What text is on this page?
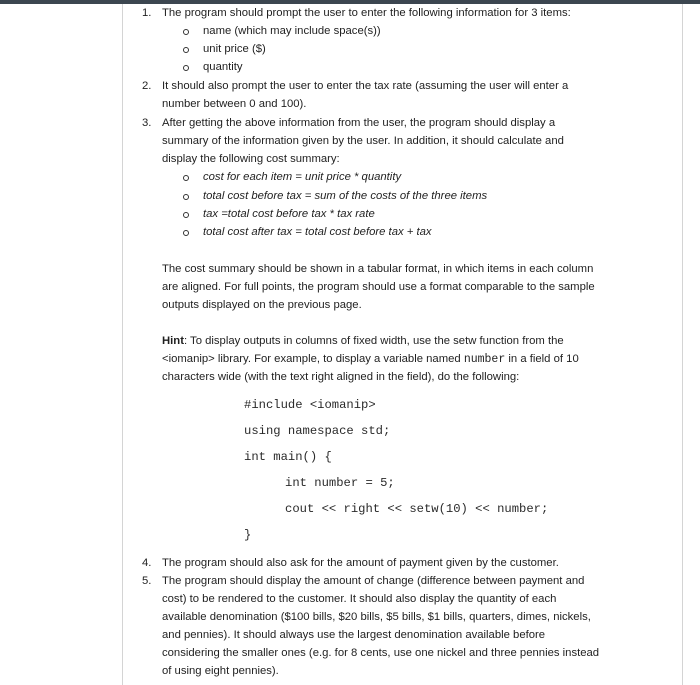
1. The program should prompt the user to enter the following information for 3 items:
name (which may include space(s))
unit price ($)
quantity
2. It should also prompt the user to enter the tax rate (assuming the user will enter a
number between 0 and 100).
3. After getting the above information from the user, the program should display a
summary of the information given by the user. In addition, it should calculate and
display the following cost summary:
cost for each item = unit price * quantity
total cost before tax = sum of the costs of the three items
tax =total cost before tax * tax rate
total cost after tax = total cost before tax + tax
The cost summary should be shown in a tabular format, in which items in each column
are aligned. For full points, the program should use a format comparable to the sample
outputs displayed on the previous page.
Hint: To display outputs in columns of fixed width, use the setw function from the
<iomanip> library. For example, to display a variable named number in a field of 10
characters wide (with the text right aligned in the field), do the following:
#include <iomanip>
using namespace std;
int main() {
int number = 5;
cout << right << setw(10) << number;
}
4. The program should also ask for the amount of payment given by the customer.
5. The program should display the amount of change (difference between payment and
cost) to be rendered to the customer. It should also display the quantity of each
available denomination ($100 bills, $20 bills, $5 bills, $1 bills, quarters, dimes, nickels,
and pennies). It should always use the largest denomination available before
considering the smaller ones (e.g. for 8 cents, use one nickel and three pennies instead
of using eight pennies).
